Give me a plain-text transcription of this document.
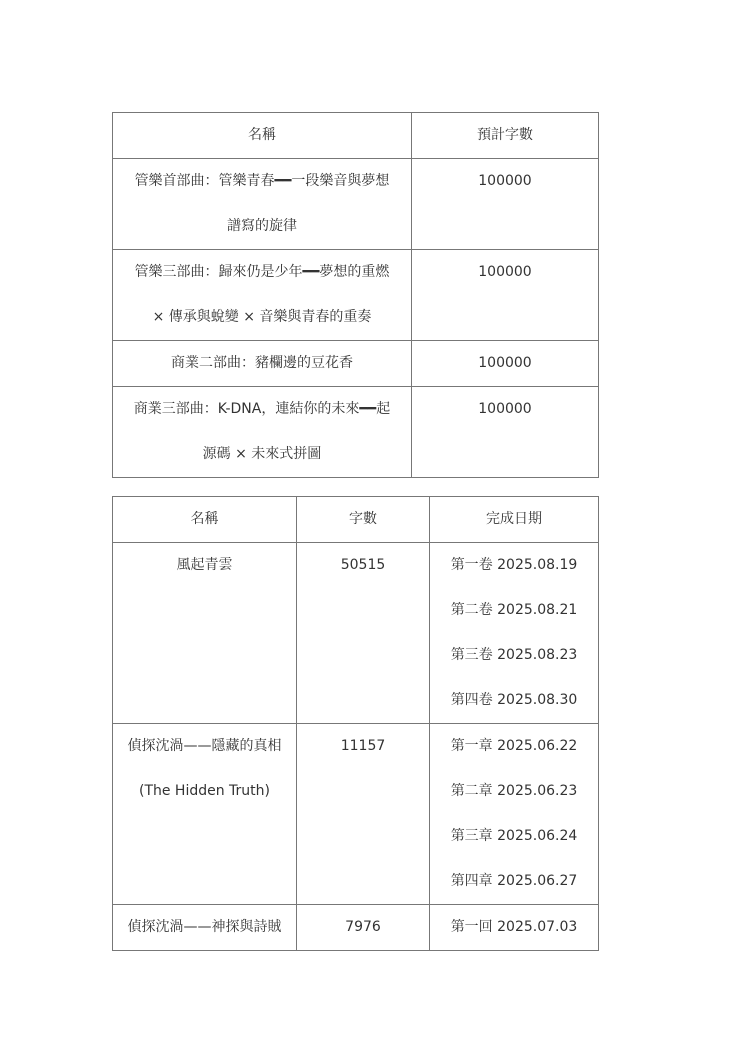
名稱	預計字數

管樂首部曲：管樂青春━━一段樂音與夢想
譜寫的旋律	100000

管樂三部曲：歸來仍是少年━━夢想的重燃
× 傳承與蛻變 × 音樂與青春的重奏	100000

商業二部曲：豬欄邊的豆花香	100000

商業三部曲：K-DNA，連結你的未來━━起
源碼 × 未來式拼圖	100000
名稱	字數	完成日期

風起青雲	50515	第一卷 2025.08.19
第二卷 2025.08.21
第三卷 2025.08.23
第四卷 2025.08.30

偵探沈渦——隱藏的真相
(The Hidden Truth)	11157	第一章 2025.06.22
第二章 2025.06.23
第三章 2025.06.24
第四章 2025.06.27

偵探沈渦——神探與詩賊	7976	第一回 2025.07.03
